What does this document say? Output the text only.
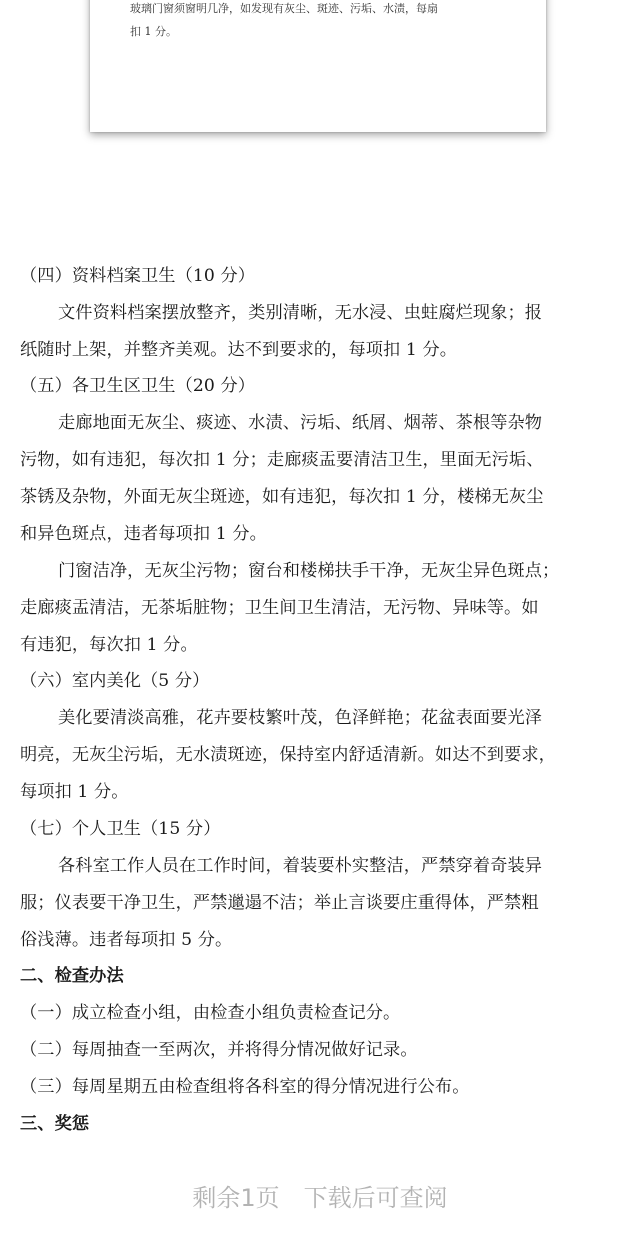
玻璃门窗须窗明几净，如发现有灰尘、斑迹、污垢、水渍，每扇
扣 1 分。
（四）资料档案卫生（10 分）
文件资料档案摆放整齐，类别清晰，无水浸、虫蛀腐烂现象；报
纸随时上架，并整齐美观。达不到要求的，每项扣 1 分。
（五）各卫生区卫生（20 分）
走廊地面无灰尘、痰迹、水渍、污垢、纸屑、烟蒂、茶根等杂物
污物，如有违犯，每次扣 1 分；走廊痰盂要清洁卫生，里面无污垢、
茶锈及杂物，外面无灰尘斑迹，如有违犯，每次扣 1 分，楼梯无灰尘
和异色斑点，违者每项扣 1 分。
门窗洁净，无灰尘污物；窗台和楼梯扶手干净，无灰尘异色斑点；
走廊痰盂清洁，无茶垢脏物；卫生间卫生清洁，无污物、异味等。如
有违犯，每次扣 1 分。
（六）室内美化（5 分）
美化要清淡高雅，花卉要枝繁叶茂，色泽鲜艳；花盆表面要光泽
明亮，无灰尘污垢，无水渍斑迹，保持室内舒适清新。如达不到要求，
每项扣 1 分。
（七）个人卫生（15 分）
各科室工作人员在工作时间，着装要朴实整洁，严禁穿着奇装异
服；仪表要干净卫生，严禁邋遢不洁；举止言谈要庄重得体，严禁粗
俗浅薄。违者每项扣 5 分。
二、检查办法
（一）成立检查小组，由检查小组负责检查记分。
（二）每周抽查一至两次，并将得分情况做好记录。
（三）每周星期五由检查组将各科室的得分情况进行公布。
三、奖惩
剩余1页　下载后可查阅
